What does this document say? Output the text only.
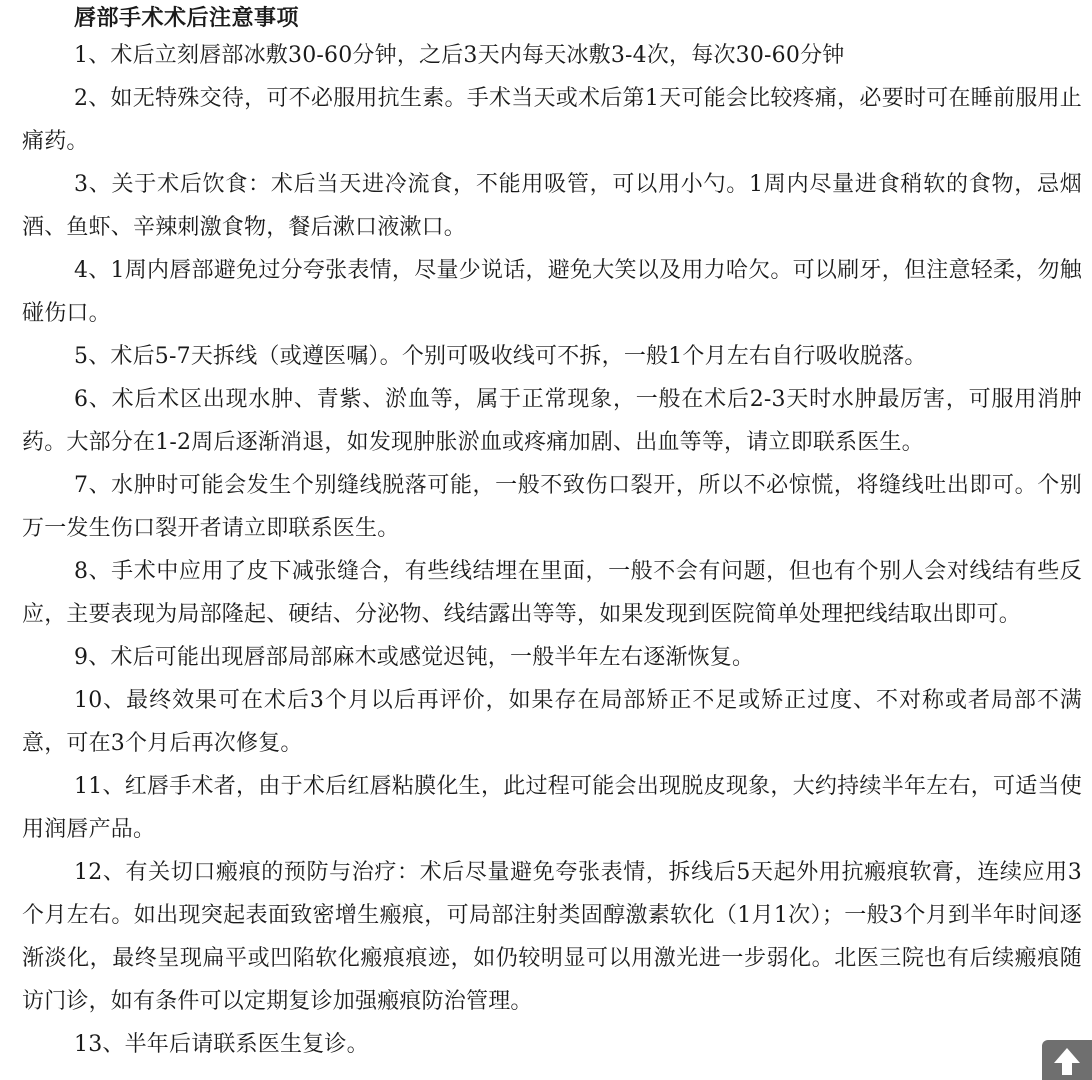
唇部手术术后注意事项

1、术后立刻唇部冰敷30-60分钟，之后3天内每天冰敷3-4次，每次30-60分钟

2、如无特殊交待，可不必服用抗生素。手术当天或术后第1天可能会比较疼痛，必要时可在睡前服用止痛药。

3、关于术后饮食：术后当天进冷流食，不能用吸管，可以用小勺。1周内尽量进食稍软的食物，忌烟酒、鱼虾、辛辣刺激食物，餐后漱口液漱口。

4、1周内唇部避免过分夸张表情，尽量少说话，避免大笑以及用力哈欠。可以刷牙，但注意轻柔，勿触碰伤口。

5、术后5-7天拆线（或遵医嘱）。个别可吸收线可不拆，一般1个月左右自行吸收脱落。

6、术后术区出现水肿、青紫、淤血等，属于正常现象，一般在术后2-3天时水肿最厉害，可服用消肿药。大部分在1-2周后逐渐消退，如发现肿胀淤血或疼痛加剧、出血等等，请立即联系医生。

7、水肿时可能会发生个别缝线脱落可能，一般不致伤口裂开，所以不必惊慌，将缝线吐出即可。个别万一发生伤口裂开者请立即联系医生。

8、手术中应用了皮下减张缝合，有些线结埋在里面，一般不会有问题，但也有个别人会对线结有些反应，主要表现为局部隆起、硬结、分泌物、线结露出等等，如果发现到医院简单处理把线结取出即可。

9、术后可能出现唇部局部麻木或感觉迟钝，一般半年左右逐渐恢复。

10、最终效果可在术后3个月以后再评价，如果存在局部矫正不足或矫正过度、不对称或者局部不满意，可在3个月后再次修复。

11、红唇手术者，由于术后红唇粘膜化生，此过程可能会出现脱皮现象，大约持续半年左右，可适当使用润唇产品。

12、有关切口瘢痕的预防与治疗：术后尽量避免夸张表情，拆线后5天起外用抗瘢痕软膏，连续应用3个月左右。如出现突起表面致密增生瘢痕，可局部注射类固醇激素软化（1月1次）；一般3个月到半年时间逐渐淡化，最终呈现扁平或凹陷软化瘢痕痕迹，如仍较明显可以用激光进一步弱化。北医三院也有后续瘢痕随访门诊，如有条件可以定期复诊加强瘢痕防治管理。

13、半年后请联系医生复诊。
